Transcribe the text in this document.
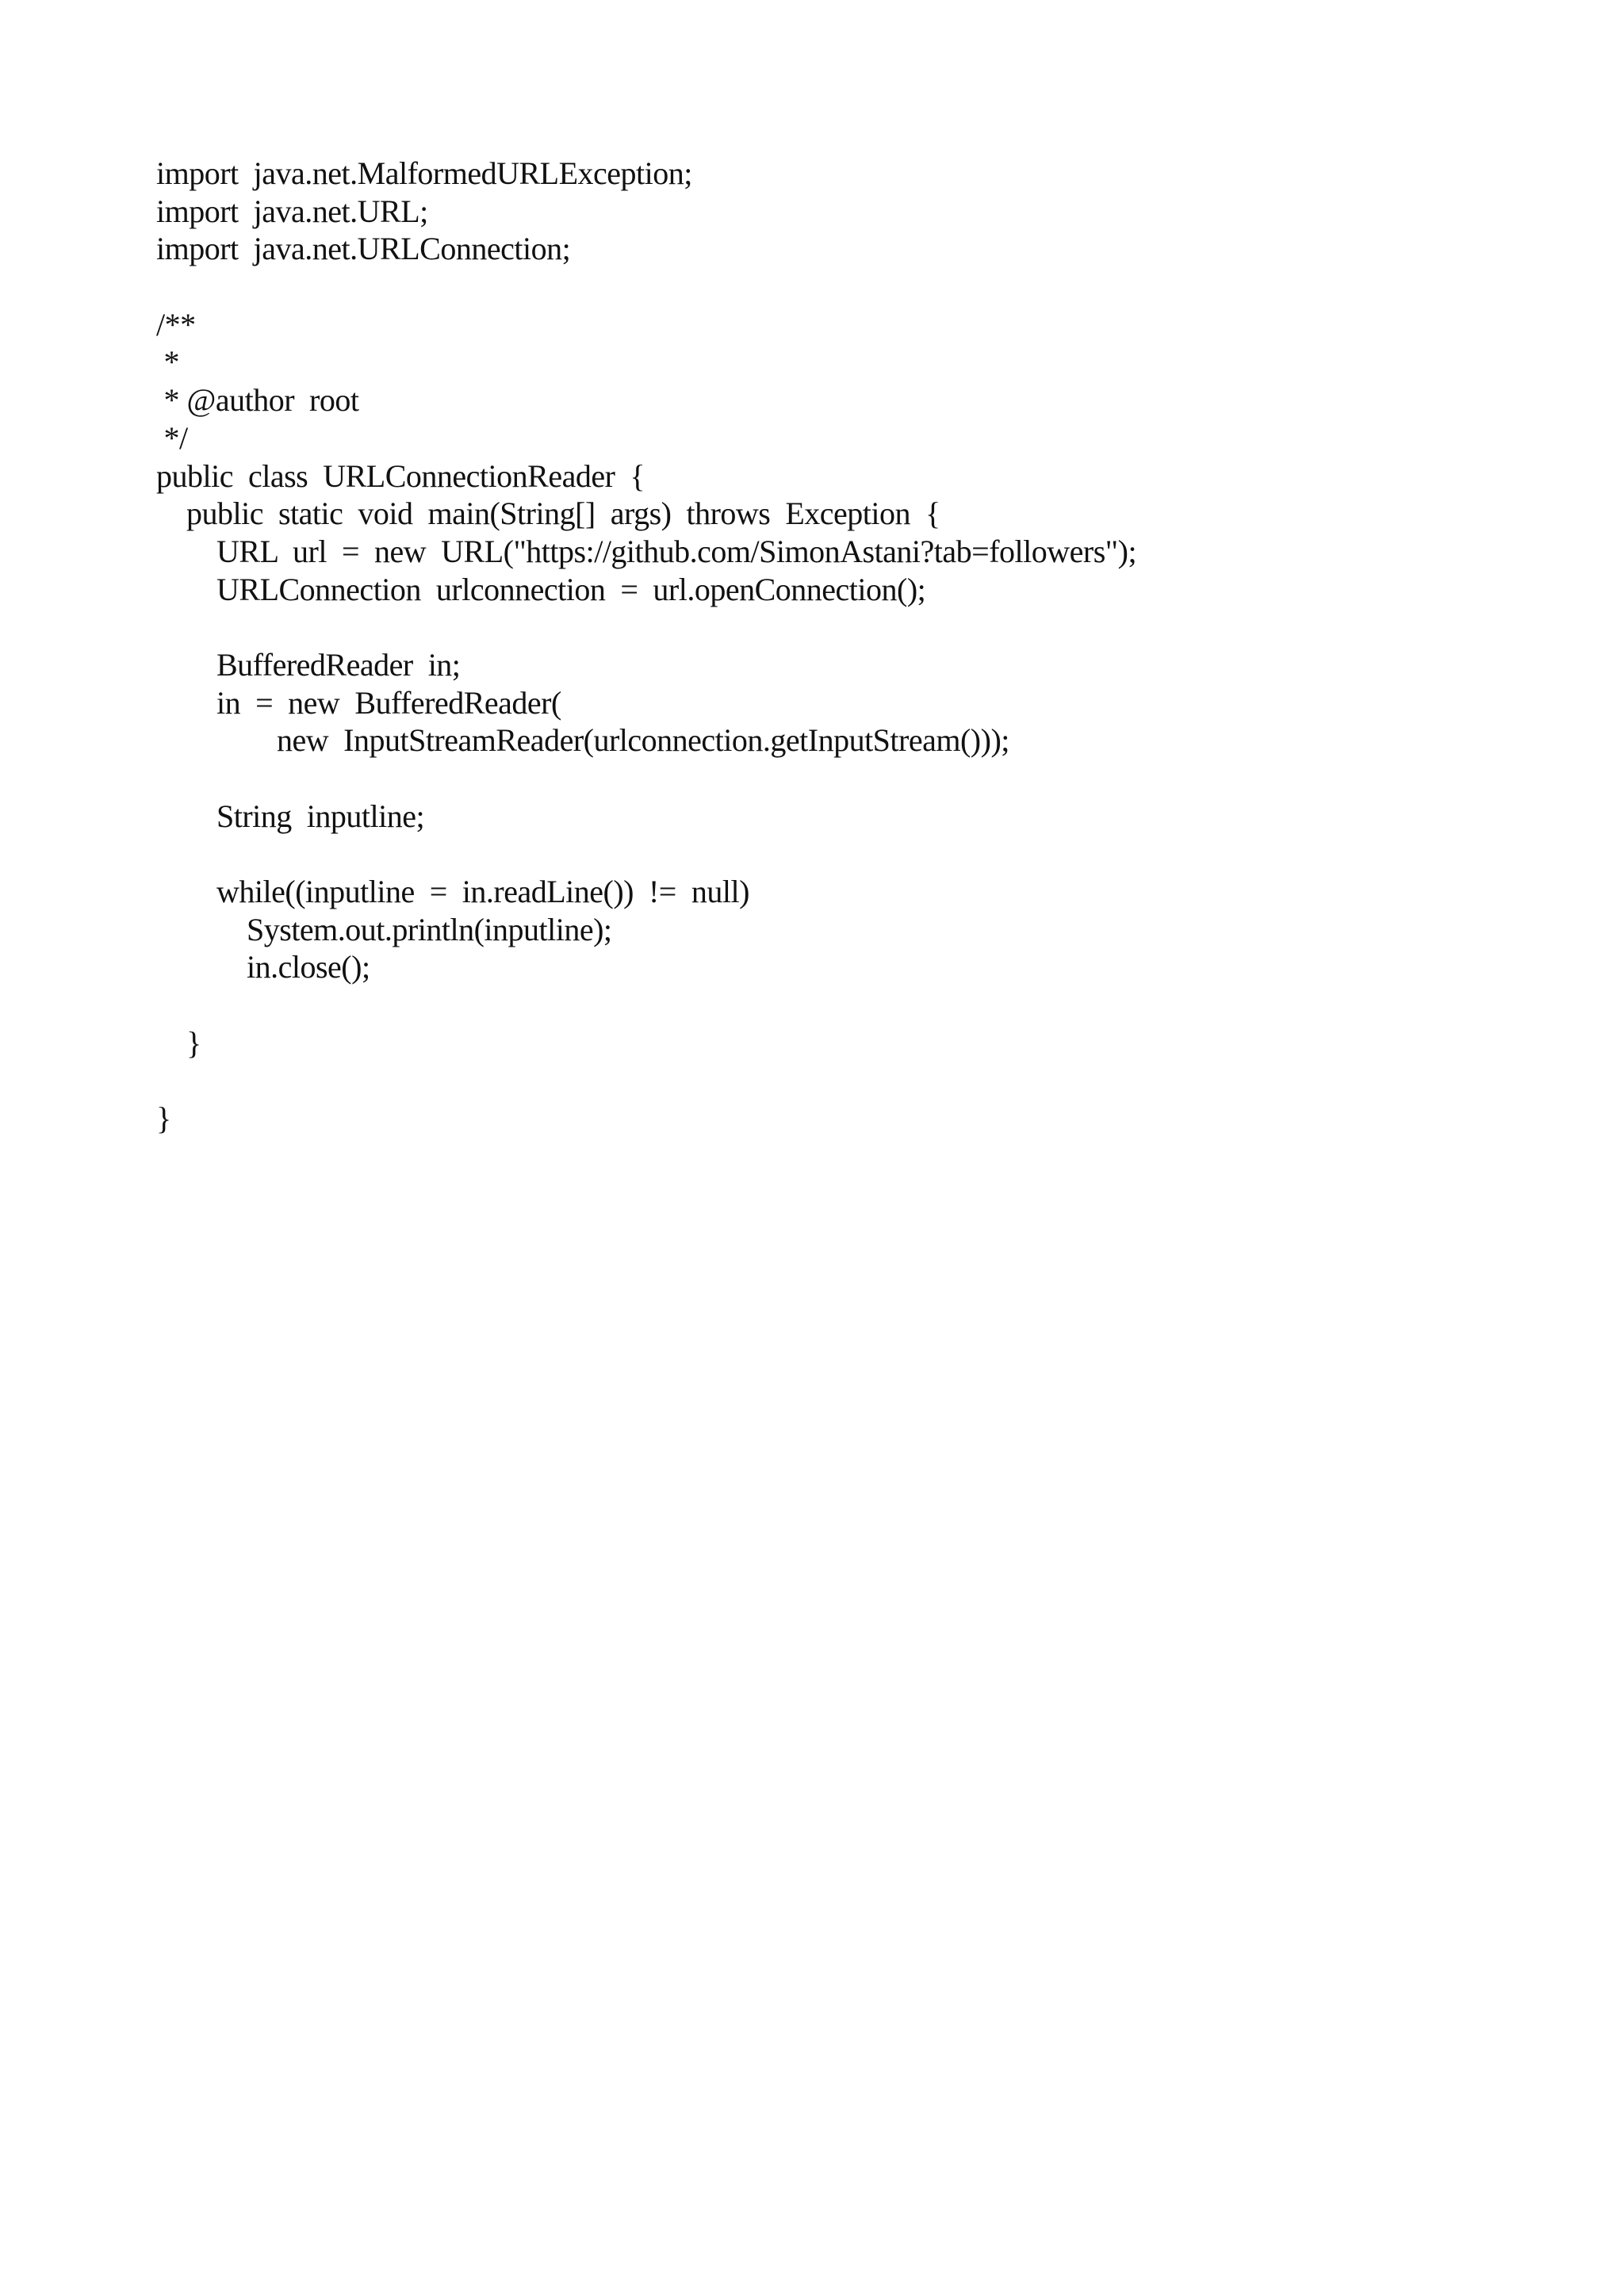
import  java.net.MalformedURLException;
import  java.net.URL;
import  java.net.URLConnection;
/**
*
* @author  root
*/
public  class  URLConnectionReader  {
public  static  void  main(String[]  args)  throws  Exception  {
URL  url  =  new  URL("https://github.com/SimonAstani?tab=followers");
URLConnection  urlconnection  =  url.openConnection();
BufferedReader  in;
in  =  new  BufferedReader(
new  InputStreamReader(urlconnection.getInputStream()));
String  inputline;
while((inputline  =  in.readLine())  !=  null)
System.out.println(inputline);
in.close();
}
}
